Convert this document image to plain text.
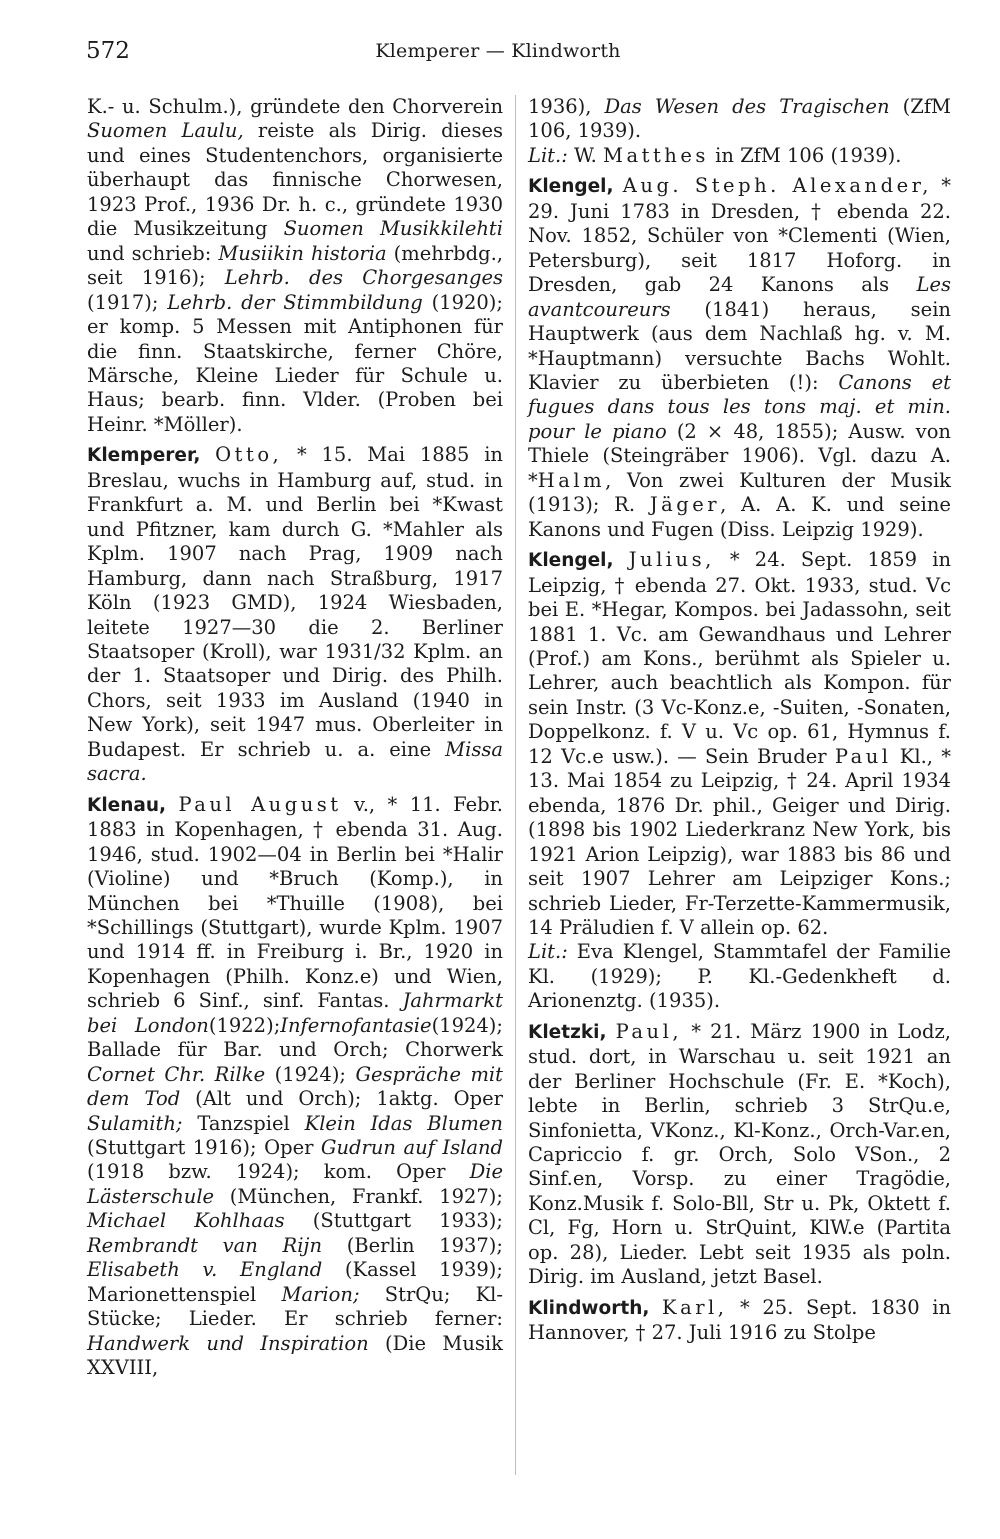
572	Klemperer — Klindworth

K.- u. Schulm.), gründete den Chorverein Suomen Laulu, reiste als Dirig. dieses und eines Studentenchors, organisierte überhaupt das finnische Chorwesen, 1923 Prof., 1936 Dr. h. c., gründete 1930 die Musikzeitung Suomen Musikkilehti und schrieb: Musiikin historia (mehrbdg., seit 1916); Lehrb. des Chorgesanges (1917); Lehrb. der Stimmbildung (1920); er komp. 5 Messen mit Antiphonen für die finn. Staatskirche, ferner Chöre, Märsche, Kleine Lieder für Schule u. Haus; bearb. finn. Vlder. (Proben bei Heinr. *Möller).

Klemperer, Otto, * 15. Mai 1885 in Breslau, wuchs in Hamburg auf, stud. in Frankfurt a. M. und Berlin bei *Kwast und Pfitzner, kam durch G. *Mahler als Kplm. 1907 nach Prag, 1909 nach Hamburg, dann nach Straßburg, 1917 Köln (1923 GMD), 1924 Wiesbaden, leitete 1927—30 die 2. Berliner Staatsoper (Kroll), war 1931/32 Kplm. an der 1. Staatsoper und Dirig. des Philh. Chors, seit 1933 im Ausland (1940 in New York), seit 1947 mus. Oberleiter in Budapest. Er schrieb u. a. eine Missa sacra.

Klenau, Paul August v., * 11. Febr. 1883 in Kopenhagen, † ebenda 31. Aug. 1946, stud. 1902—04 in Berlin bei *Halir (Violine) und *Bruch (Komp.), in München bei *Thuille (1908), bei *Schillings (Stuttgart), wurde Kplm. 1907 und 1914 ff. in Freiburg i. Br., 1920 in Kopenhagen (Philh. Konz.e) und Wien, schrieb 6 Sinf., sinf. Fantas. Jahrmarkt bei London(1922);Infernofantasie(1924); Ballade für Bar. und Orch; Chorwerk Cornet Chr. Rilke (1924); Gespräche mit dem Tod (Alt und Orch); 1aktg. Oper Sulamith; Tanzspiel Klein Idas Blumen (Stuttgart 1916); Oper Gudrun auf Island (1918 bzw. 1924); kom. Oper Die Lästerschule (München, Frankf. 1927); Michael Kohlhaas (Stuttgart 1933); Rembrandt van Rijn (Berlin 1937); Elisabeth v. England (Kassel 1939); Marionettenspiel Marion; StrQu; Kl-Stücke; Lieder. Er schrieb ferner: Handwerk und Inspiration (Die Musik XXVIII,

1936), Das Wesen des Tragischen (ZfM 106, 1939).
Lit.: W. Matthes in ZfM 106 (1939).

Klengel, Aug. Steph. Alexander, * 29. Juni 1783 in Dresden, † ebenda 22. Nov. 1852, Schüler von *Clementi (Wien, Petersburg), seit 1817 Hoforg. in Dresden, gab 24 Kanons als Les avantcoureurs (1841) heraus, sein Hauptwerk (aus dem Nachlaß hg. v. M. *Hauptmann) versuchte Bachs Wohlt. Klavier zu überbieten (!): Canons et fugues dans tous les tons maj. et min. pour le piano (2 × 48, 1855); Ausw. von Thiele (Steingräber 1906). Vgl. dazu A. *Halm, Von zwei Kulturen der Musik (1913); R. Jäger, A. A. K. und seine Kanons und Fugen (Diss. Leipzig 1929).

Klengel, Julius, * 24. Sept. 1859 in Leipzig, † ebenda 27. Okt. 1933, stud. Vc bei E. *Hegar, Kompos. bei Jadassohn, seit 1881 1. Vc. am Gewandhaus und Lehrer (Prof.) am Kons., berühmt als Spieler u. Lehrer, auch beachtlich als Kompon. für sein Instr. (3 Vc-Konz.e, -Suiten, -Sonaten, Doppelkonz. f. V u. Vc op. 61, Hymnus f. 12 Vc.e usw.). — Sein Bruder Paul Kl., * 13. Mai 1854 zu Leipzig, † 24. April 1934 ebenda, 1876 Dr. phil., Geiger und Dirig. (1898 bis 1902 Liederkranz New York, bis 1921 Arion Leipzig), war 1883 bis 86 und seit 1907 Lehrer am Leipziger Kons.; schrieb Lieder, Fr-Terzette-Kammermusik, 14 Präludien f. V allein op. 62.
Lit.: Eva Klengel, Stammtafel der Familie Kl. (1929); P. Kl.-Gedenkheft d. Arionenztg. (1935).

Kletzki, Paul, * 21. März 1900 in Lodz, stud. dort, in Warschau u. seit 1921 an der Berliner Hochschule (Fr. E. *Koch), lebte in Berlin, schrieb 3 StrQu.e, Sinfonietta, VKonz., Kl-Konz., Orch-Var.en, Capriccio f. gr. Orch, Solo VSon., 2 Sinf.en, Vorsp. zu einer Tragödie, Konz.Musik f. Solo-Bll, Str u. Pk, Oktett f. Cl, Fg, Horn u. StrQuint, KlW.e (Partita op. 28), Lieder. Lebt seit 1935 als poln. Dirig. im Ausland, jetzt Basel.

Klindworth, Karl, * 25. Sept. 1830 in Hannover, † 27. Juli 1916 zu Stolpe
